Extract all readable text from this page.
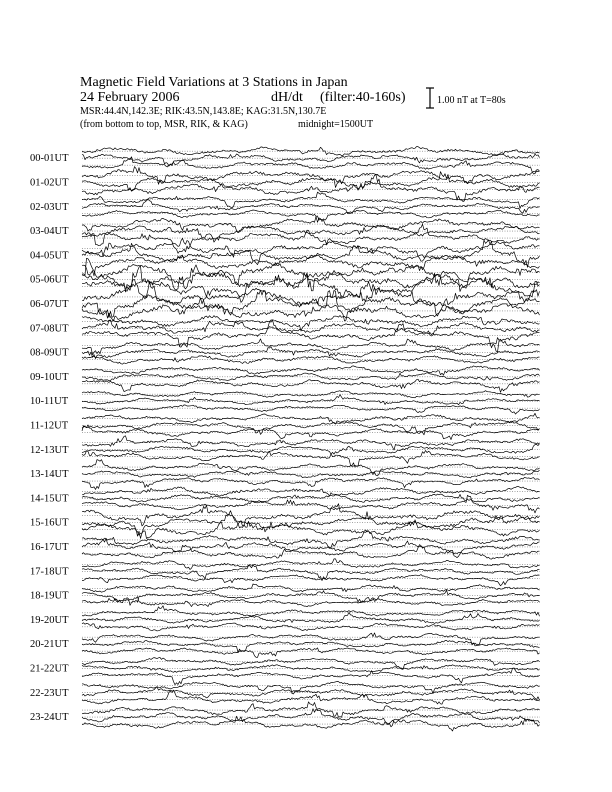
Magnetic Field Variations at 3 Stations in Japan
24 February 2006	dH/dt (filter:40-160s)
MSR:44.4N,142.3E; RIK:43.5N,143.8E; KAG:31.5N,130.7E
(from bottom to top, MSR, RIK, & KAG)	midnight=1500UT
1.00 nT at T=80s
00-01UT
01-02UT
02-03UT
03-04UT
04-05UT
05-06UT
06-07UT
07-08UT
08-09UT
09-10UT
10-11UT
11-12UT
12-13UT
13-14UT
14-15UT
15-16UT
16-17UT
17-18UT
18-19UT
19-20UT
20-21UT
21-22UT
22-23UT
23-24UT
